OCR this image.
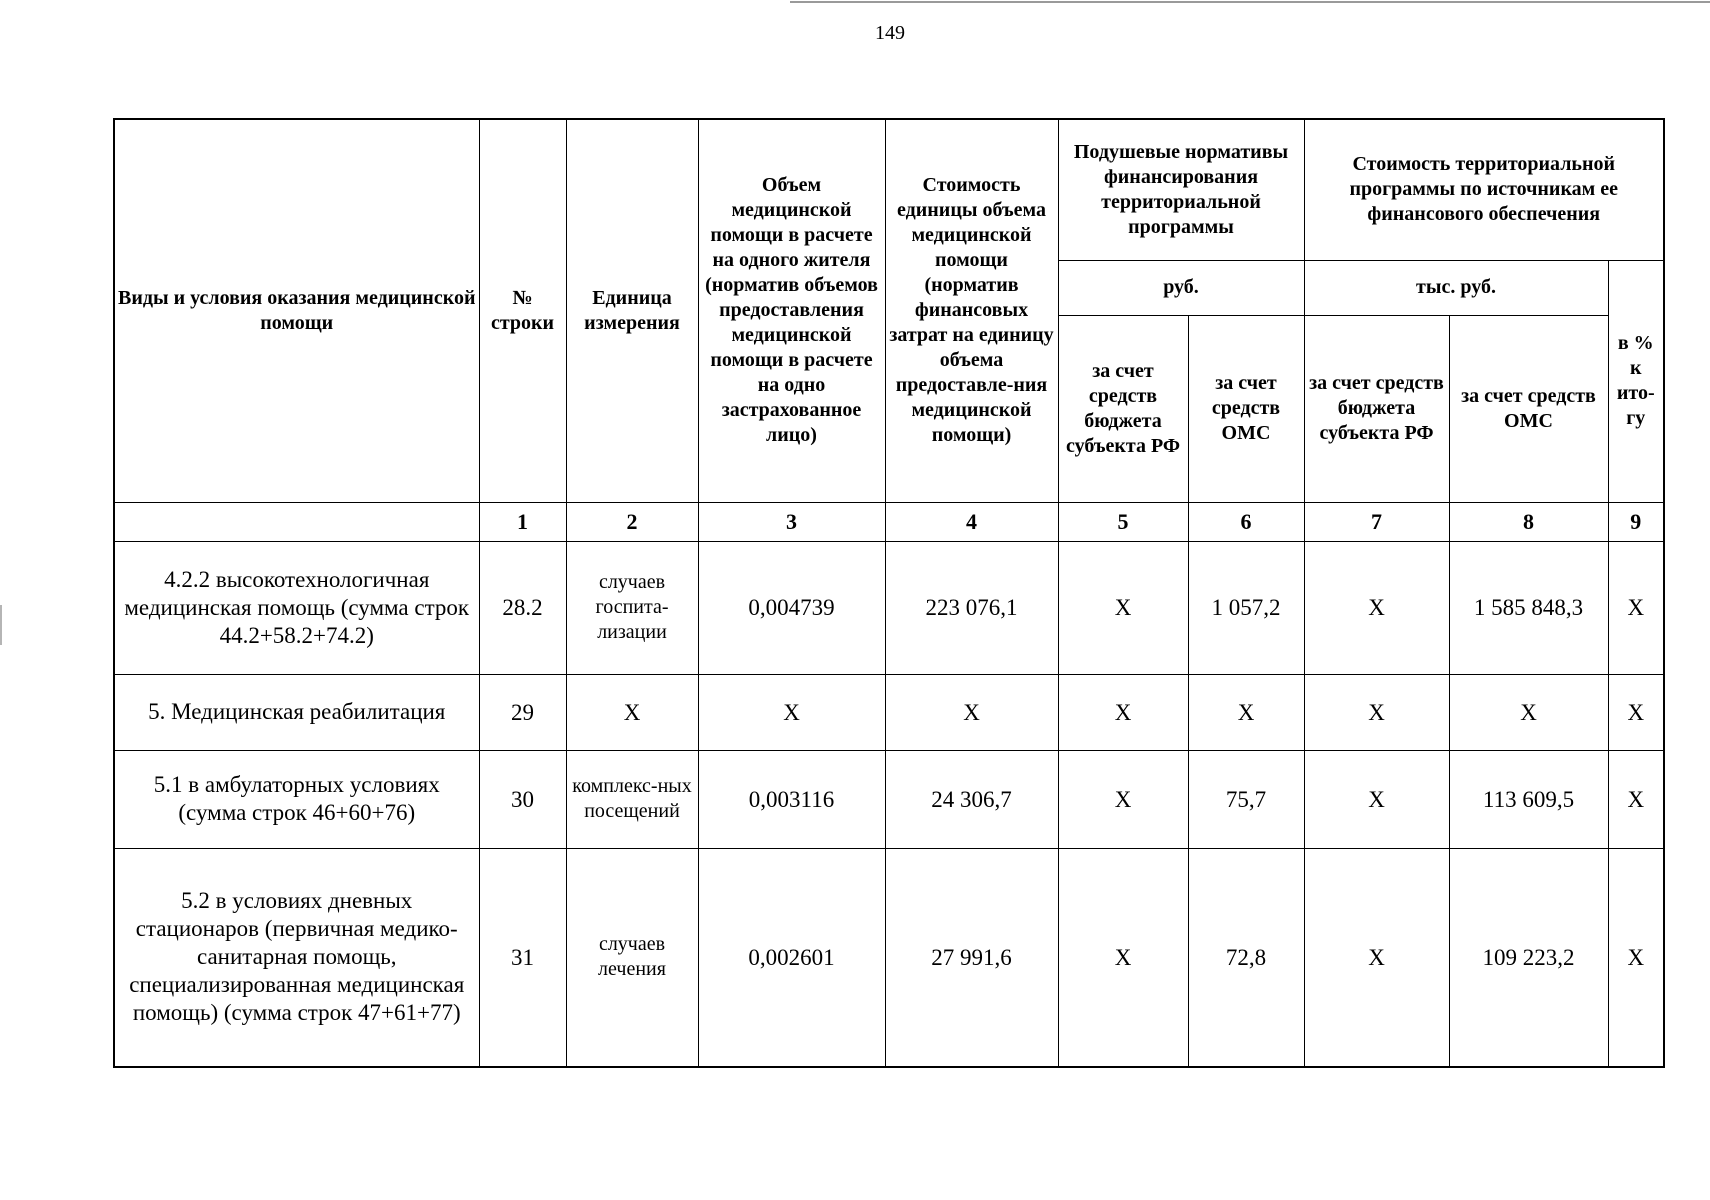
149
Виды и условия оказания медицинской помощи	№ строки	Единица измерения	Объем медицинской помощи в расчете на одного жителя (норматив объемов предоставления медицинской помощи в расчете на одно застрахованное лицо)	Стоимость единицы объема медицинской помощи (норматив финансовых затрат на единицу объема предоставле-ния медицинской помощи)	Подушевые нормативы финансирования территориальной программы		Стоимость территориальной программы по источникам ее финансового обеспечения		
					руб.		тыс. руб.		в % к ито-гу
					за счет средств бюджета субъекта РФ	за счет средств ОМС	за счет средств бюджета субъекта РФ	за счет средств ОМС	
	1	2	3	4	5	6	7	8	9
4.2.2 высокотехнологичная медицинская помощь (сумма строк 44.2+58.2+74.2)	28.2	случаев госпита-лизации	0,004739	223 076,1	X	1 057,2	X	1 585 848,3	X
5. Медицинская реабилитация	29	X	X	X	X	X	X	X	X
5.1 в амбулаторных условиях (сумма строк 46+60+76)	30	комплекс-ных посещений	0,003116	24 306,7	X	75,7	X	113 609,5	X
5.2 в условиях дневных стационаров (первичная медико-санитарная помощь, специализированная медицинская помощь) (сумма строк 47+61+77)	31	случаев лечения	0,002601	27 991,6	X	72,8	X	109 223,2	X
